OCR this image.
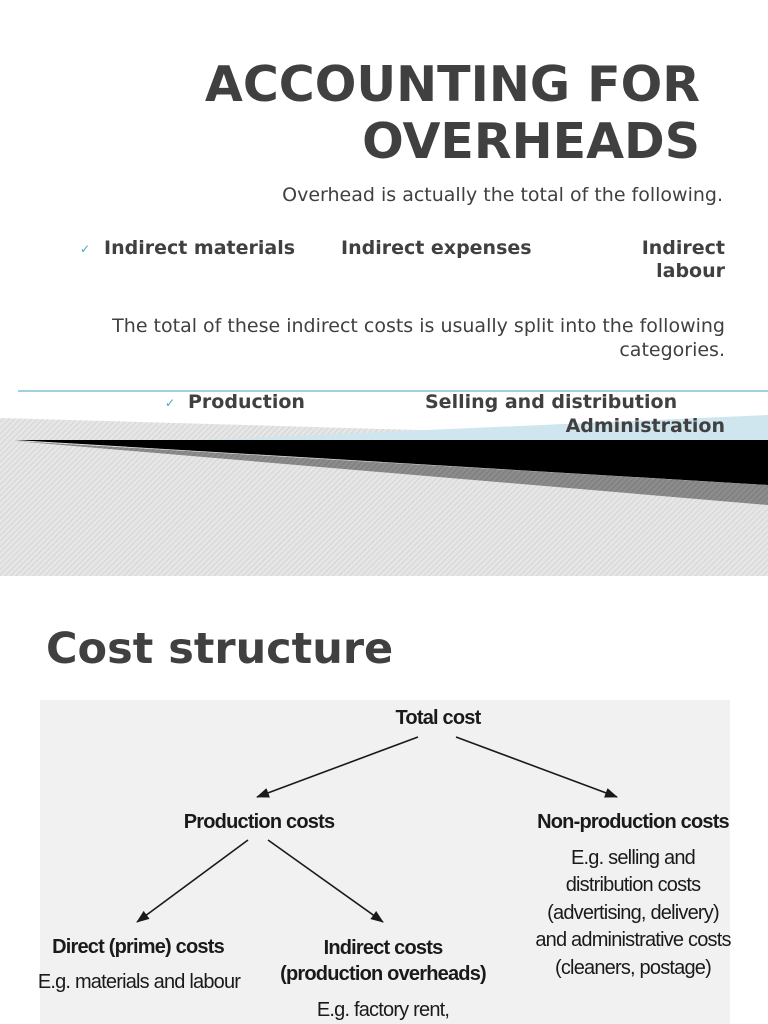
ACCOUNTING FOR
OVERHEADS

Overhead is actually the total of the following.

✓
Indirect materials Indirect expenses	Indirect labour

The total of these indirect costs is usually split into the following categories.

✓
Production	Selling and distribution
Administration
Cost structure
Total cost
Production costs	Non-production costs
E.g. selling and
distribution costs
(advertising, delivery)
and administrative costs
(cleaners, postage)
Direct (prime) costs
E.g. materials and labour
Indirect costs
(production overheads)
E.g. factory rent,
